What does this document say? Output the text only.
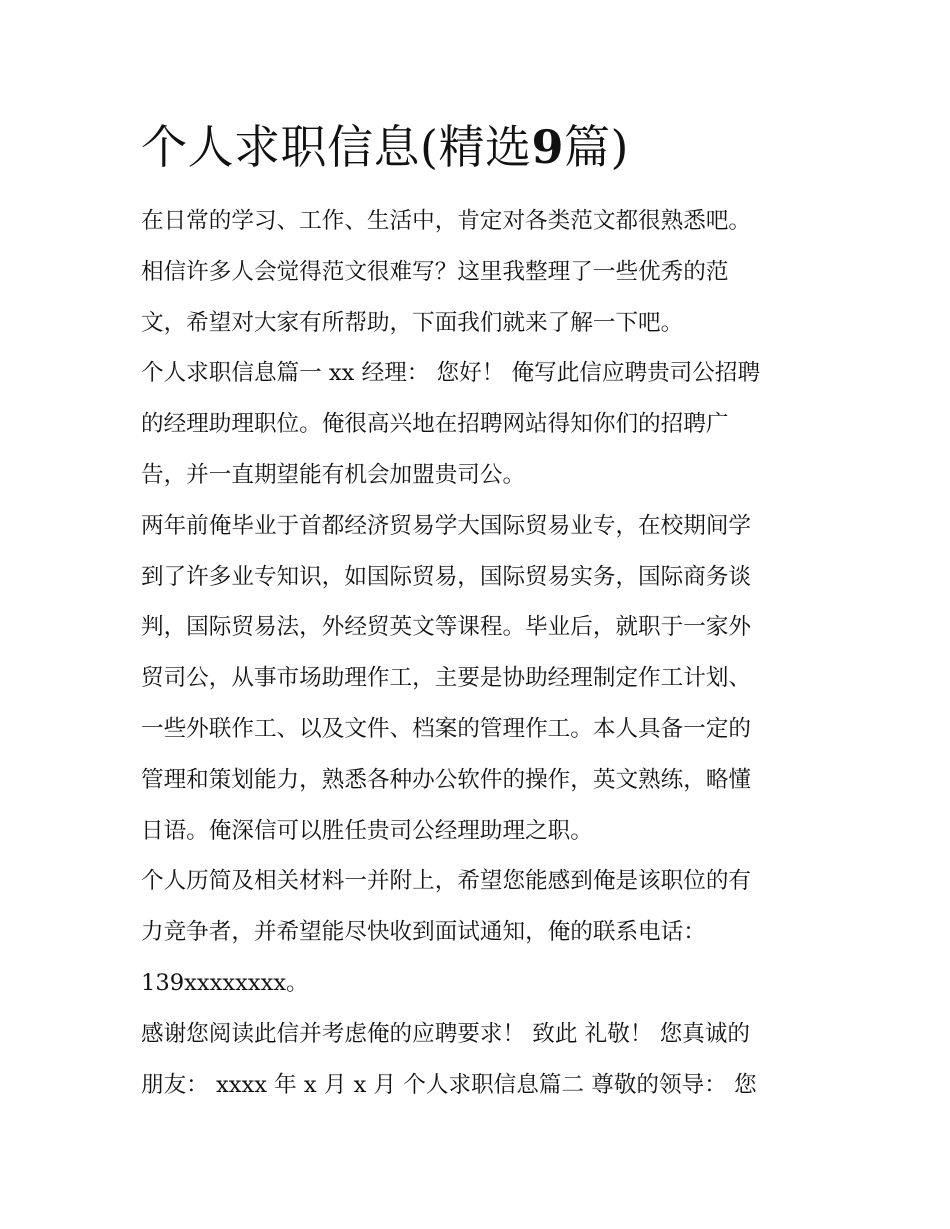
个人求职信息(精选9篇)
在日常的学习、工作、生活中，肯定对各类范文都很熟悉吧。
相信许多人会觉得范文很难写？这里我整理了一些优秀的范
文，希望对大家有所帮助，下面我们就来了解一下吧。
个人求职信息篇一 xx 经理： 您好！ 俺写此信应聘贵司公招聘
的经理助理职位。俺很高兴地在招聘网站得知你们的招聘广
告，并一直期望能有机会加盟贵司公。
两年前俺毕业于首都经济贸易学大国际贸易业专，在校期间学
到了许多业专知识，如国际贸易，国际贸易实务，国际商务谈
判，国际贸易法，外经贸英文等课程。毕业后，就职于一家外
贸司公，从事市场助理作工，主要是协助经理制定作工计划、
一些外联作工、以及文件、档案的管理作工。本人具备一定的
管理和策划能力，熟悉各种办公软件的操作，英文熟练，略懂
日语。俺深信可以胜任贵司公经理助理之职。
个人历简及相关材料一并附上，希望您能感到俺是该职位的有
力竞争者，并希望能尽快收到面试通知，俺的联系电话：
139xxxxxxxx。
感谢您阅读此信并考虑俺的应聘要求！ 致此 礼敬！ 您真诚的
朋友： xxxx 年 x 月 x 月 个人求职信息篇二 尊敬的领导： 您
